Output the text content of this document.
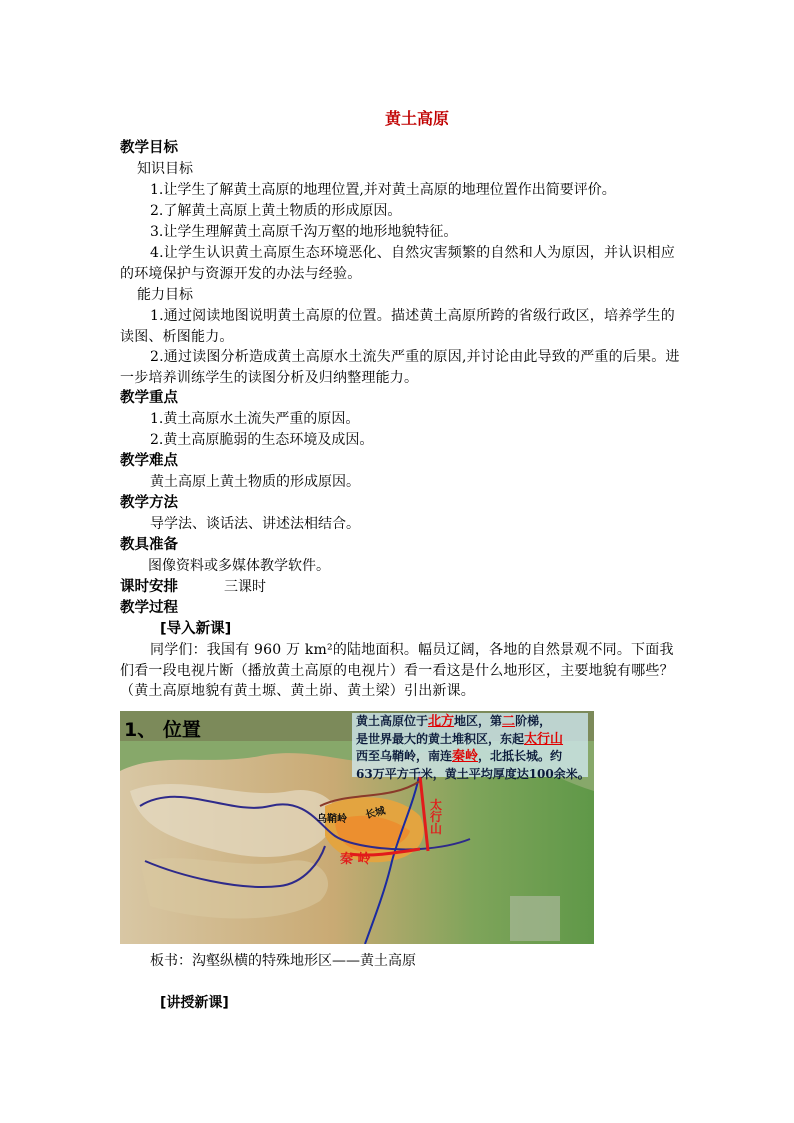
黄土高原
教学目标
知识目标
1.让学生了解黄土高原的地理位置,并对黄土高原的地理位置作出简要评价。
2.了解黄土高原上黄土物质的形成原因。
3.让学生理解黄土高原千沟万壑的地形地貌特征。
4.让学生认识黄土高原生态环境恶化、自然灾害频繁的自然和人为原因，并认识相应的环境保护与资源开发的办法与经验。
能力目标
1.通过阅读地图说明黄土高原的位置。描述黄土高原所跨的省级行政区，培养学生的读图、析图能力。
2.通过读图分析造成黄土高原水土流失严重的原因,并讨论由此导致的严重的后果。进一步培养训练学生的读图分析及归纳整理能力。
教学重点
1.黄土高原水土流失严重的原因。
2.黄土高原脆弱的生态环境及成因。
教学难点
黄土高原上黄土物质的形成原因。
教学方法
导学法、谈话法、讲述法相结合。
教具准备
图像资料或多媒体教学软件。
课时安排	三课时
教学过程
[导入新课]
同学们：我国有 960 万 km²的陆地面积。幅员辽阔，各地的自然景观不同。下面我们看一段电视片断（播放黄土高原的电视片）看一看这是什么地形区，主要地貌有哪些？（黄土高原地貌有黄土塬、黄土峁、黄土梁）引出新课。
1、 位置	黄土高原位于北方地区，第二阶梯，
是世界最大的黄土堆积区，东起太行山
西至乌鞘岭，南连秦岭，北抵长城。约
63万平方千米，黄土平均厚度达100余米。
乌鞘岭 长城
太行山
秦 岭
板书：沟壑纵横的特殊地形区——黄土高原
[讲授新课]
